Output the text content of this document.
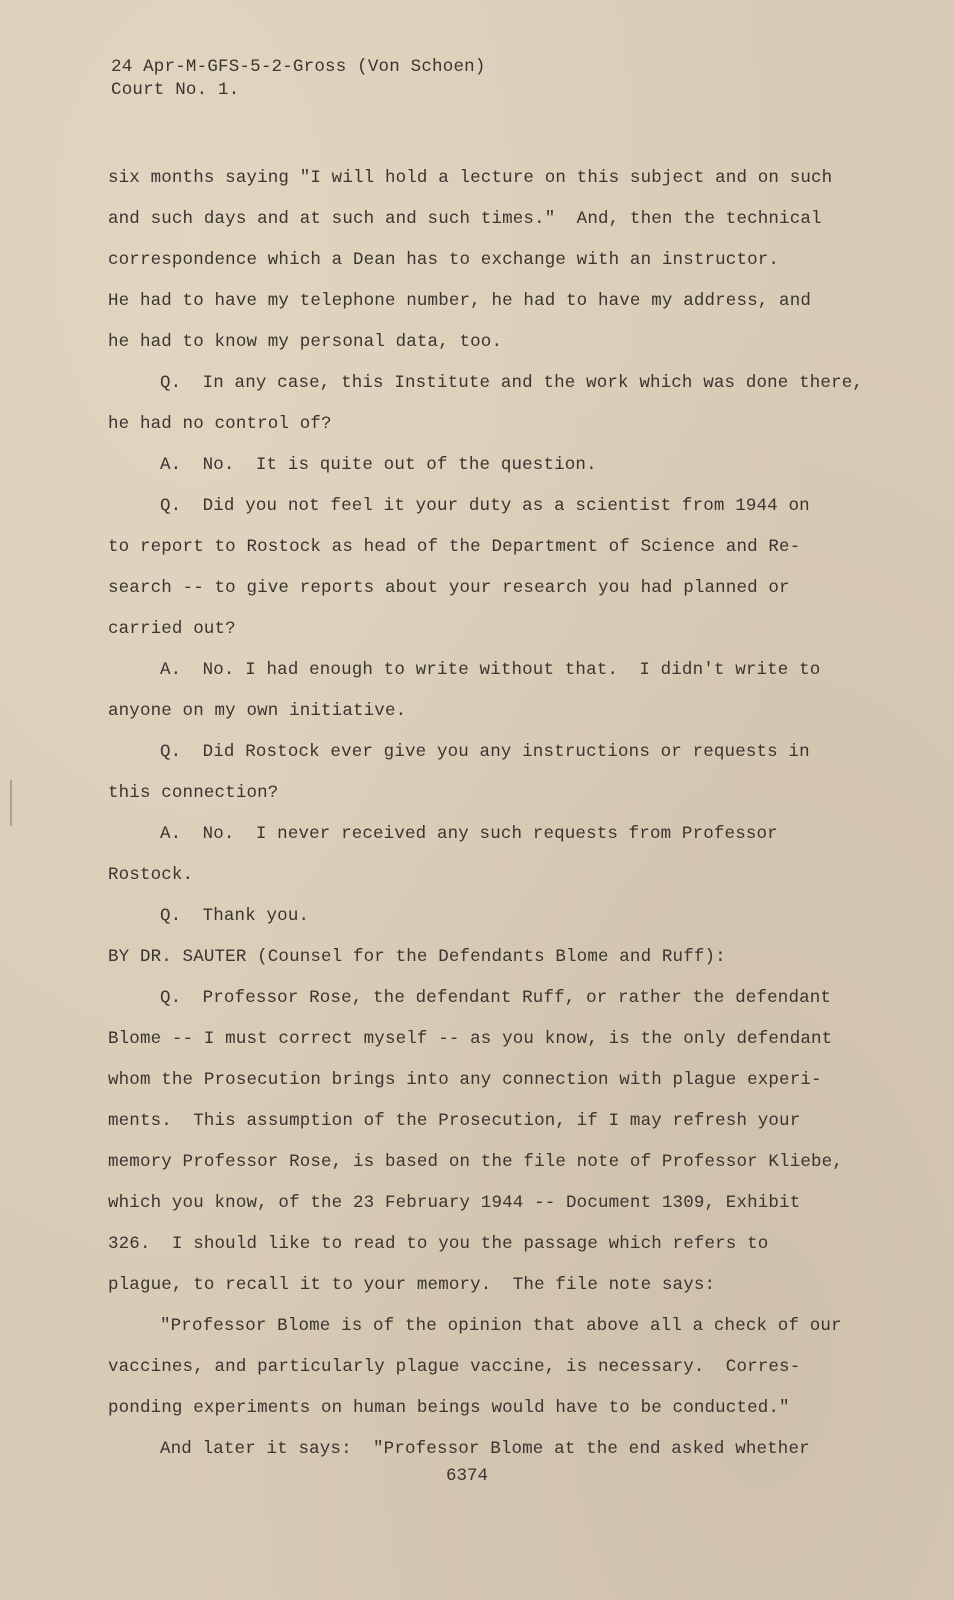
24 Apr-M-GFS-5-2-Gross (Von Schoen)
Court No. 1.
six months saying "I will hold a lecture on this subject and on such
and such days and at such and such times."  And, then the technical
correspondence which a Dean has to exchange with an instructor.
He had to have my telephone number, he had to have my address, and
he had to know my personal data, too.
Q.  In any case, this Institute and the work which was done there,
he had no control of?
A.  No.  It is quite out of the question.
Q.  Did you not feel it your duty as a scientist from 1944 on
to report to Rostock as head of the Department of Science and Re-
search -- to give reports about your research you had planned or
carried out?
A.  No. I had enough to write without that.  I didn't write to
anyone on my own initiative.
Q.  Did Rostock ever give you any instructions or requests in
this connection?
A.  No.  I never received any such requests from Professor
Rostock.
Q.  Thank you.
BY DR. SAUTER (Counsel for the Defendants Blome and Ruff):
Q.  Professor Rose, the defendant Ruff, or rather the defendant
Blome -- I must correct myself -- as you know, is the only defendant
whom the Prosecution brings into any connection with plague experi-
ments.  This assumption of the Prosecution, if I may refresh your
memory Professor Rose, is based on the file note of Professor Kliebe,
which you know, of the 23 February 1944 -- Document 1309, Exhibit
326.  I should like to read to you the passage which refers to
plague, to recall it to your memory.  The file note says:
"Professor Blome is of the opinion that above all a check of our
vaccines, and particularly plague vaccine, is necessary.  Corres-
ponding experiments on human beings would have to be conducted."
And later it says:  "Professor Blome at the end asked whether
6374
